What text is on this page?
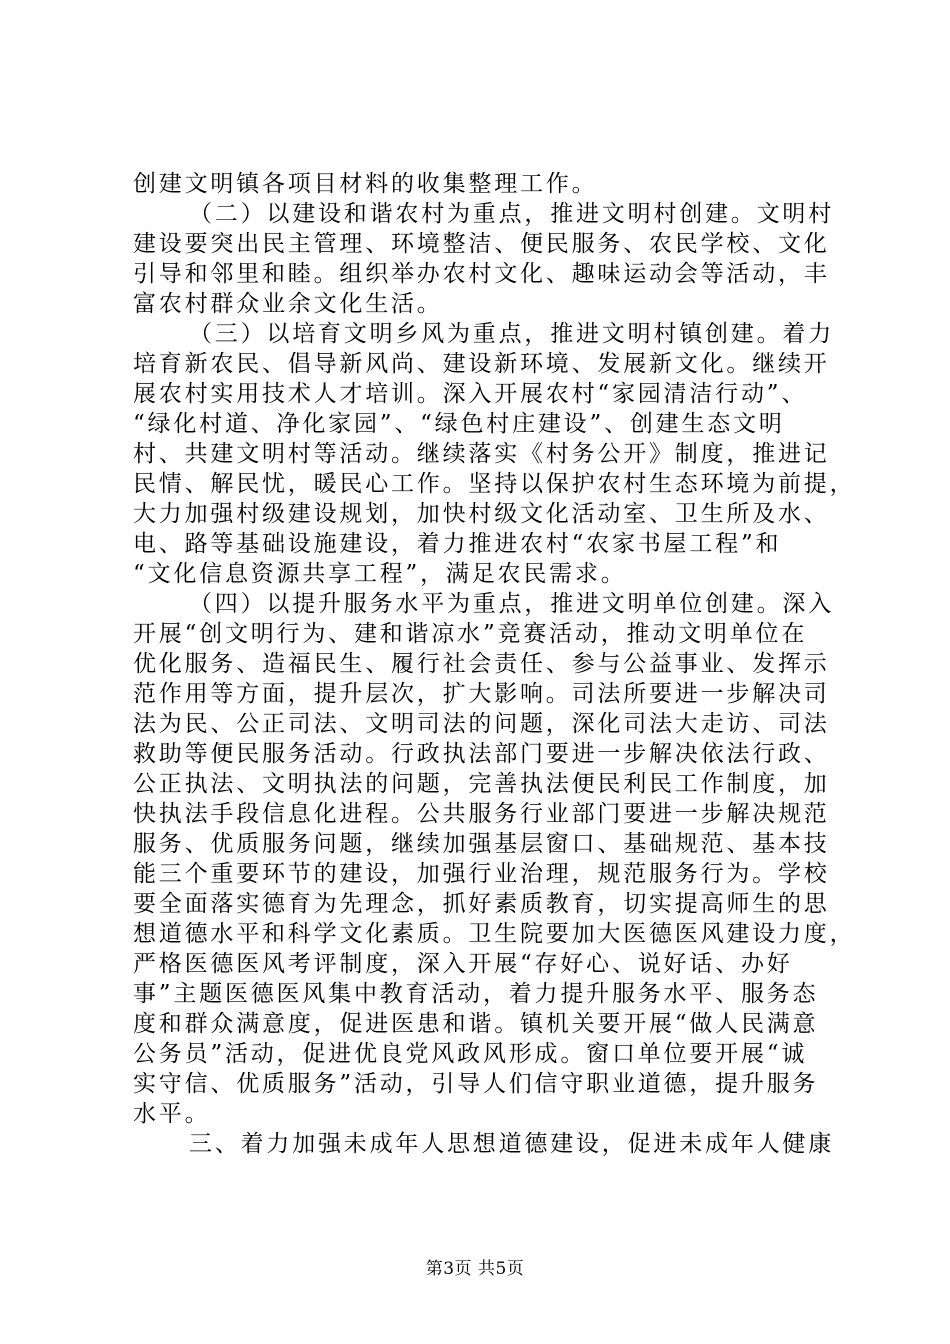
创建文明镇各项目材料的收集整理工作。
（二）以建设和谐农村为重点，推进文明村创建。文明村
建设要突出民主管理、环境整洁、便民服务、农民学校、文化
引导和邻里和睦。组织举办农村文化、趣味运动会等活动，丰
富农村群众业余文化生活。
（三）以培育文明乡风为重点，推进文明村镇创建。着力
培育新农民、倡导新风尚、建设新环境、发展新文化。继续开
展农村实用技术人才培训。深入开展农村“家园清洁行动”、
“绿化村道、净化家园”、“绿色村庄建设”、创建生态文明
村、共建文明村等活动。继续落实《村务公开》制度，推进记
民情、解民忧，暖民心工作。坚持以保护农村生态环境为前提，
大力加强村级建设规划，加快村级文化活动室、卫生所及水、
电、路等基础设施建设，着力推进农村“农家书屋工程”和
“文化信息资源共享工程”，满足农民需求。
（四）以提升服务水平为重点，推进文明单位创建。深入
开展“创文明行为、建和谐凉水”竞赛活动，推动文明单位在
优化服务、造福民生、履行社会责任、参与公益事业、发挥示
范作用等方面，提升层次，扩大影响。司法所要进一步解决司
法为民、公正司法、文明司法的问题，深化司法大走访、司法
救助等便民服务活动。行政执法部门要进一步解决依法行政、
公正执法、文明执法的问题，完善执法便民利民工作制度，加
快执法手段信息化进程。公共服务行业部门要进一步解决规范
服务、优质服务问题，继续加强基层窗口、基础规范、基本技
能三个重要环节的建设，加强行业治理，规范服务行为。学校
要全面落实德育为先理念，抓好素质教育，切实提高师生的思
想道德水平和科学文化素质。卫生院要加大医德医风建设力度，
严格医德医风考评制度，深入开展“存好心、说好话、办好
事”主题医德医风集中教育活动，着力提升服务水平、服务态
度和群众满意度，促进医患和谐。镇机关要开展“做人民满意
公务员”活动，促进优良党风政风形成。窗口单位要开展“诚
实守信、优质服务”活动，引导人们信守职业道德，提升服务
水平。
三、着力加强未成年人思想道德建设，促进未成年人健康
第3页 共5页
